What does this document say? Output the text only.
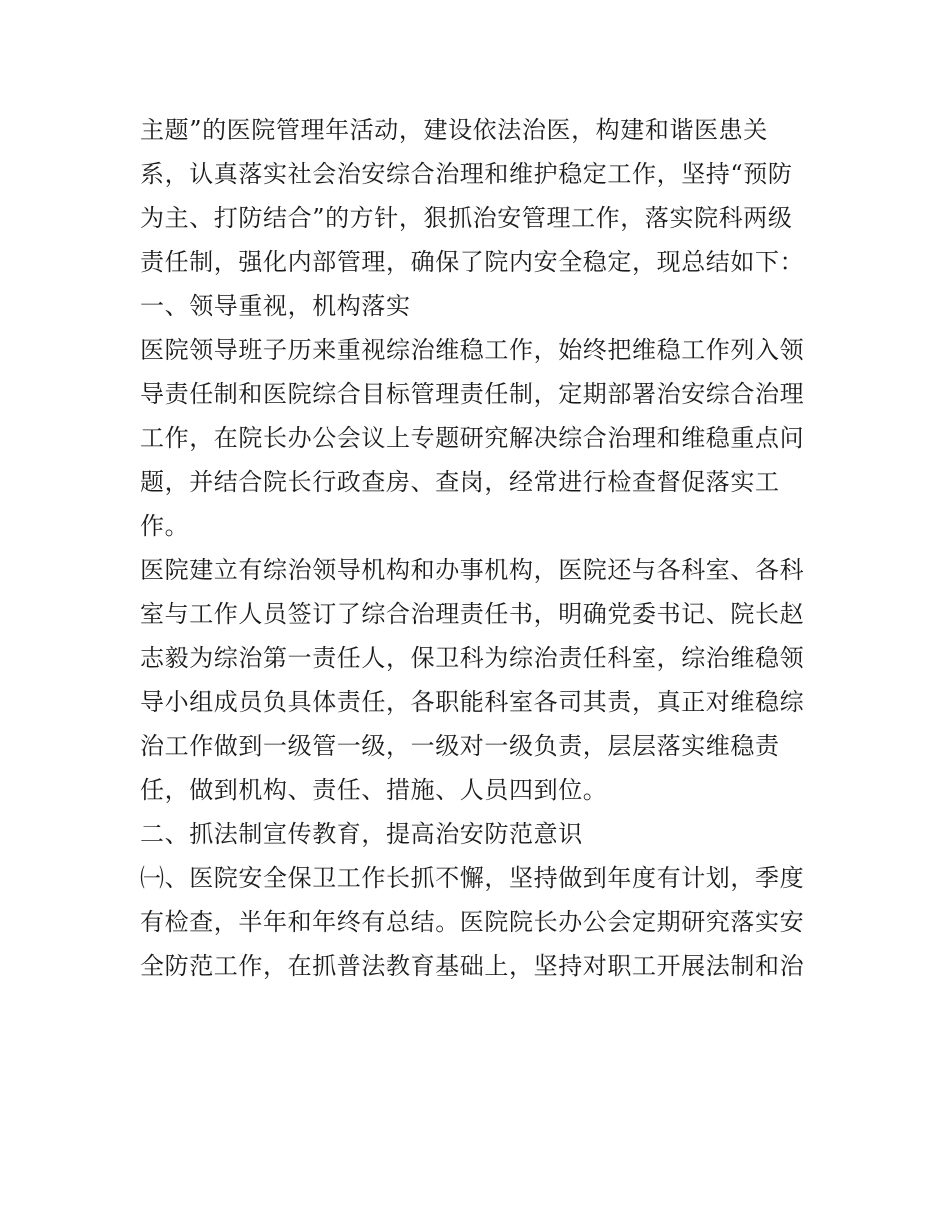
主题”的医院管理年活动，建设依法治医，构建和谐医患关
系，认真落实社会治安综合治理和维护稳定工作，坚持“预防
为主、打防结合”的方针，狠抓治安管理工作，落实院科两级
责任制，强化内部管理，确保了院内安全稳定，现总结如下：
一、领导重视，机构落实
医院领导班子历来重视综治维稳工作，始终把维稳工作列入领
导责任制和医院综合目标管理责任制，定期部署治安综合治理
工作，在院长办公会议上专题研究解决综合治理和维稳重点问
题，并结合院长行政查房、查岗，经常进行检查督促落实工
作。
医院建立有综治领导机构和办事机构，医院还与各科室、各科
室与工作人员签订了综合治理责任书，明确党委书记、院长赵
志毅为综治第一责任人，保卫科为综治责任科室，综治维稳领
导小组成员负具体责任，各职能科室各司其责，真正对维稳综
治工作做到一级管一级，一级对一级负责，层层落实维稳责
任，做到机构、责任、措施、人员四到位。
二、抓法制宣传教育，提高治安防范意识
㈠、医院安全保卫工作长抓不懈，坚持做到年度有计划，季度
有检查，半年和年终有总结。医院院长办公会定期研究落实安
全防范工作，在抓普法教育基础上，坚持对职工开展法制和治
